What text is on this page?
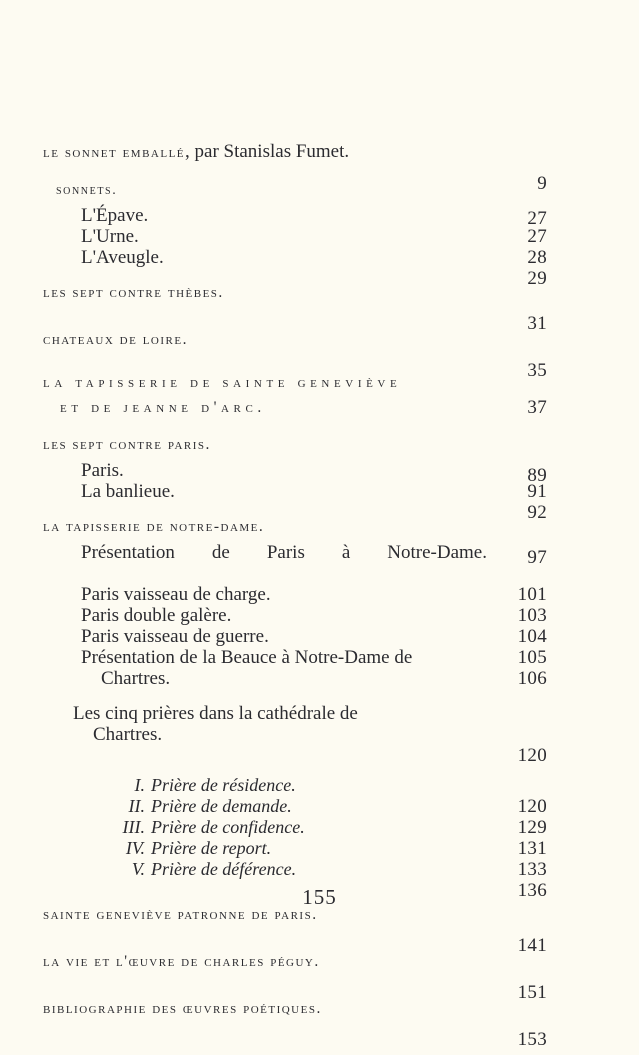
le sonnet emballé, par Stanislas Fumet.
9
sonnets.
27
L'Épave.
27
L'Urne.
28
L'Aveugle.
29
les sept contre thèbes.
31
chateaux de loire.
35
la tapisserie de sainte geneviève
et de jeanne d'arc.	37
les sept contre paris.
89
Paris.
91
La banlieue.
92
la tapisserie de notre-dame.
97
Présentation de Paris à Notre-Dame.
101
Paris vaisseau de charge.
103
Paris double galère.
104
Paris vaisseau de guerre.
105
Présentation de la Beauce à Notre-Dame de
Chartres.	106
Les cinq prières dans la cathédrale de
Chartres.
120
I. Prière de résidence.
120
II. Prière de demande.
129
III. Prière de confidence.
131
IV. Prière de report.
133
V. Prière de déférence.
136
sainte geneviève patronne de paris.
141
la vie et l'œuvre de charles péguy.
151
bibliographie des œuvres poétiques.
153
155
